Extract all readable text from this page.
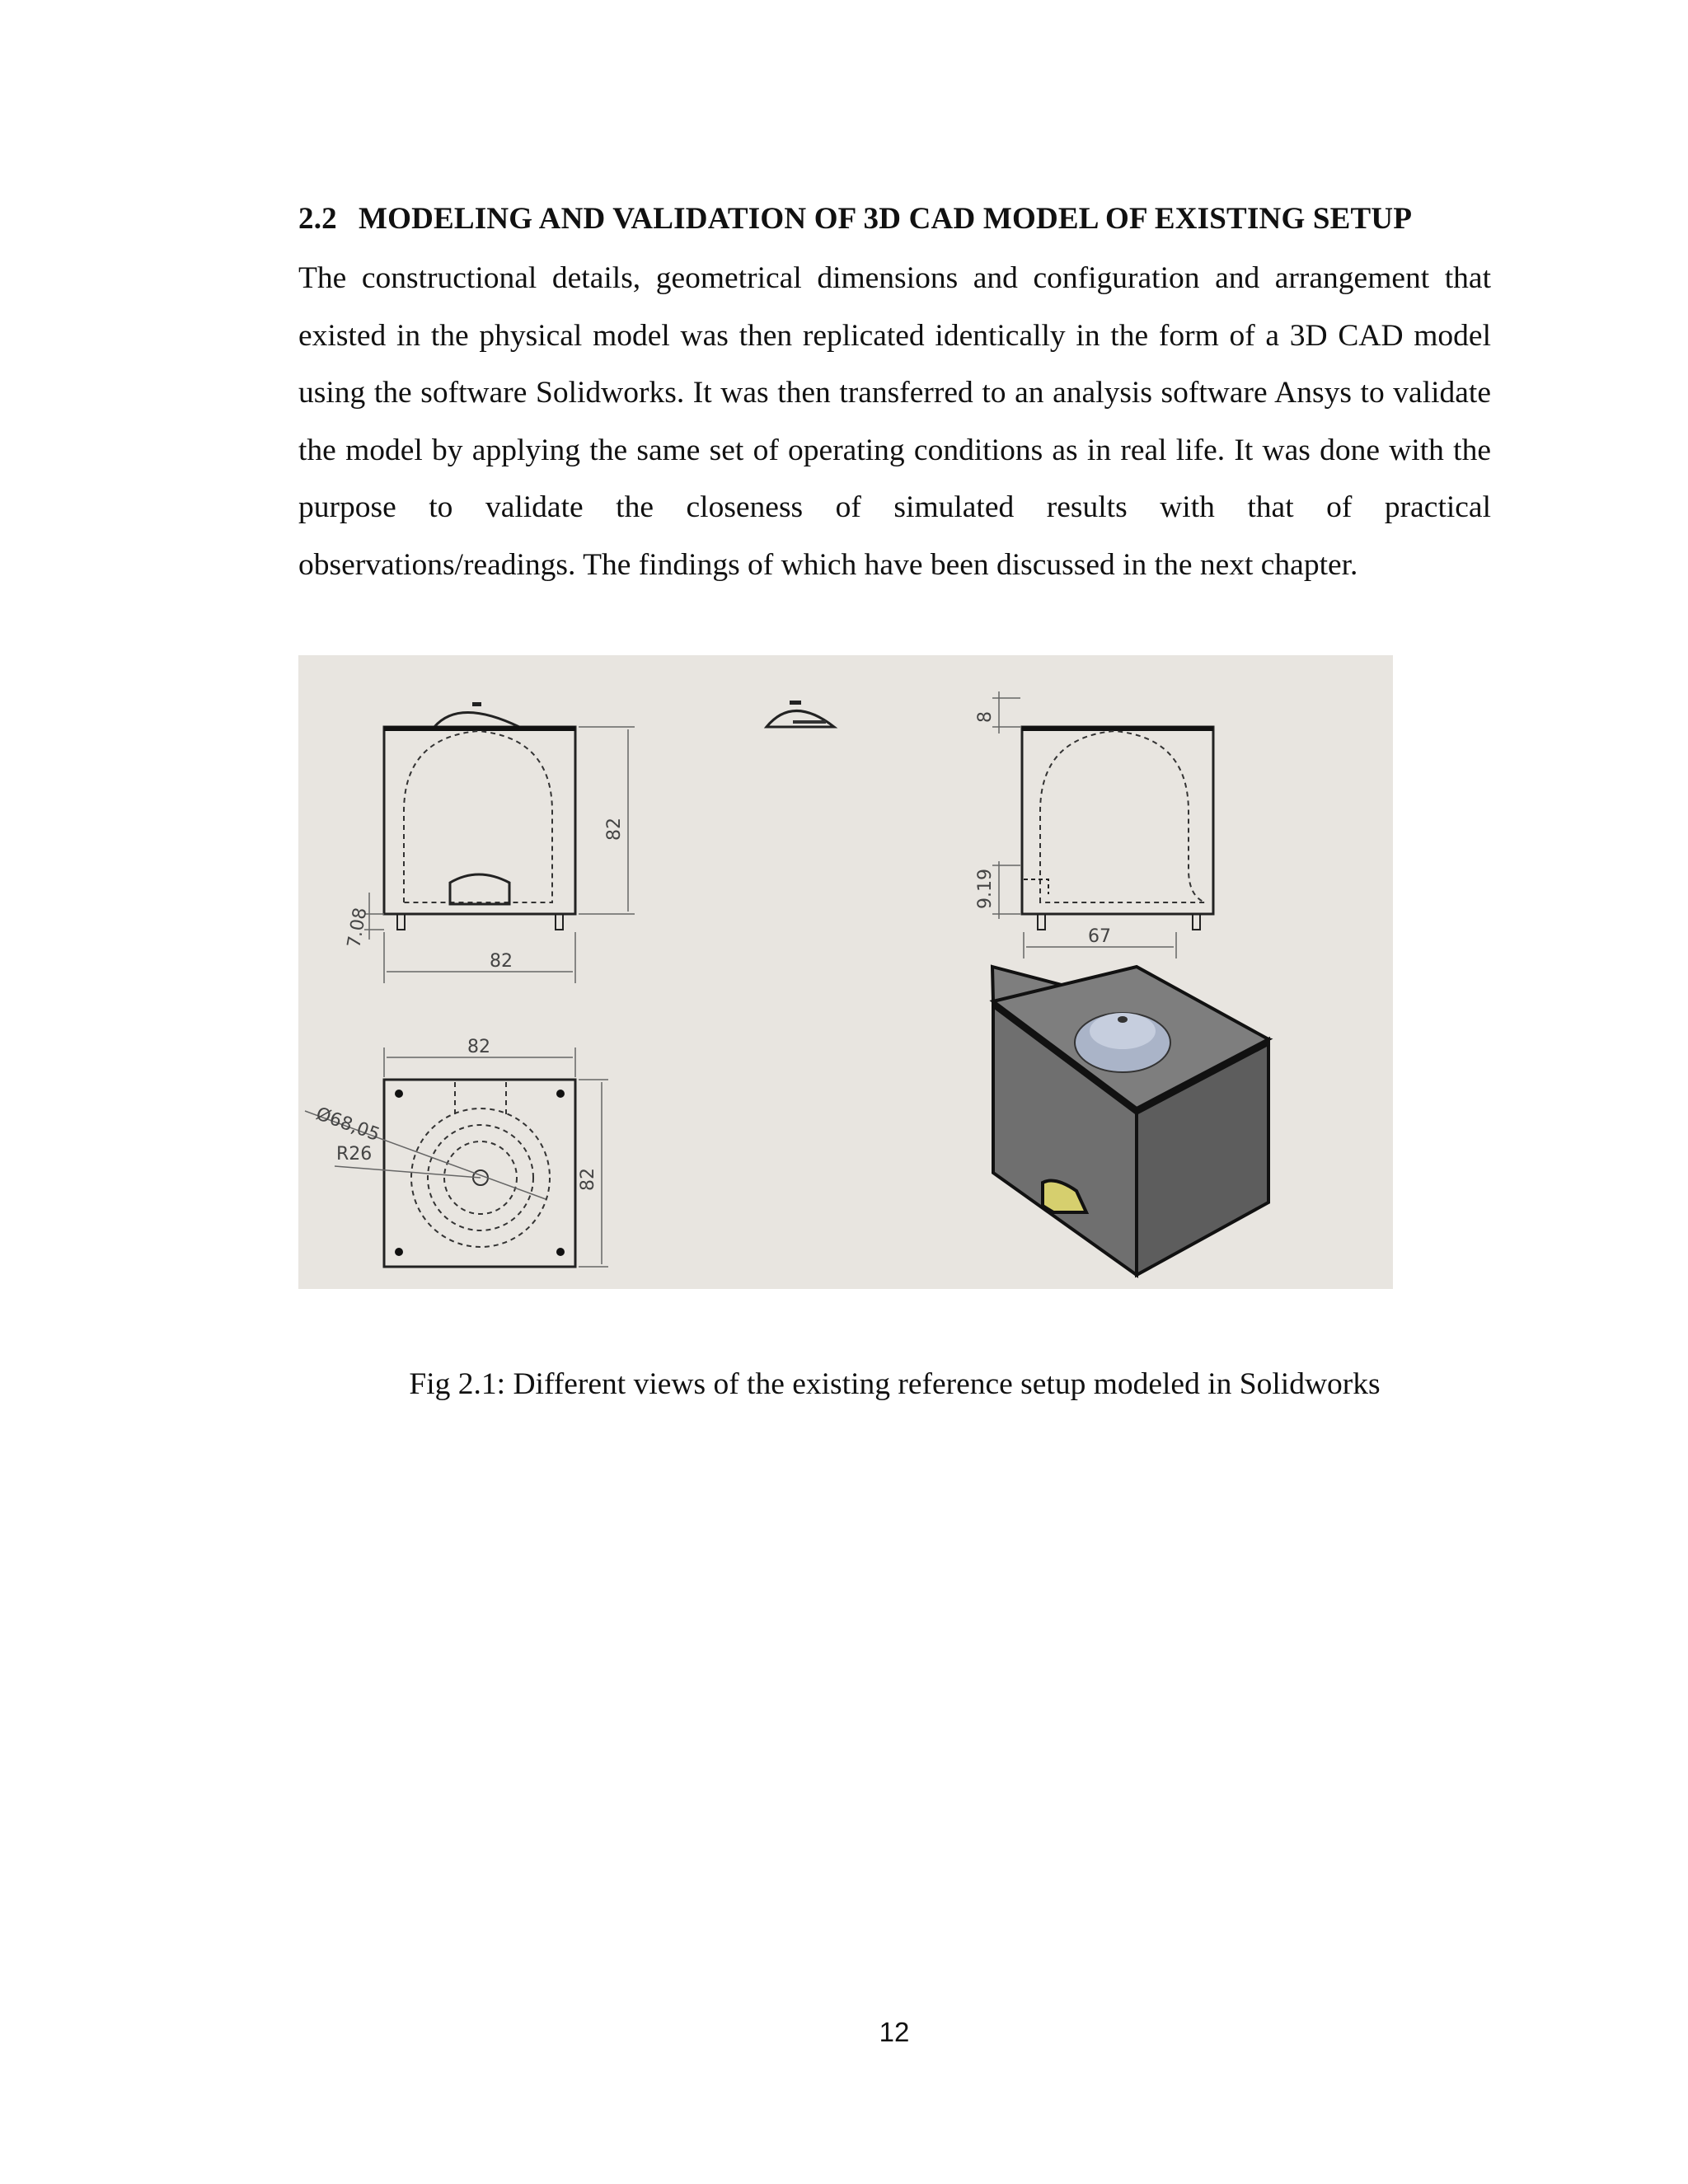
2.2 MODELING AND VALIDATION OF 3D CAD MODEL OF EXISTING SETUP

The constructional details, geometrical dimensions and configuration and arrangement that existed in the physical model was then replicated identically in the form of a 3D CAD model using the software Solidworks. It was then transferred to an analysis software Ansys to validate the model by applying the same set of operating conditions as in real life. It was done with the purpose to validate the closeness of simulated results with that of practical observations/readings. The findings of which have been discussed in the next chapter.

82
82
7.08	67
8
9.19
Ø68,05
R26
82
82
Fig 2.1: Different views of the existing reference setup modeled in Solidworks
12
